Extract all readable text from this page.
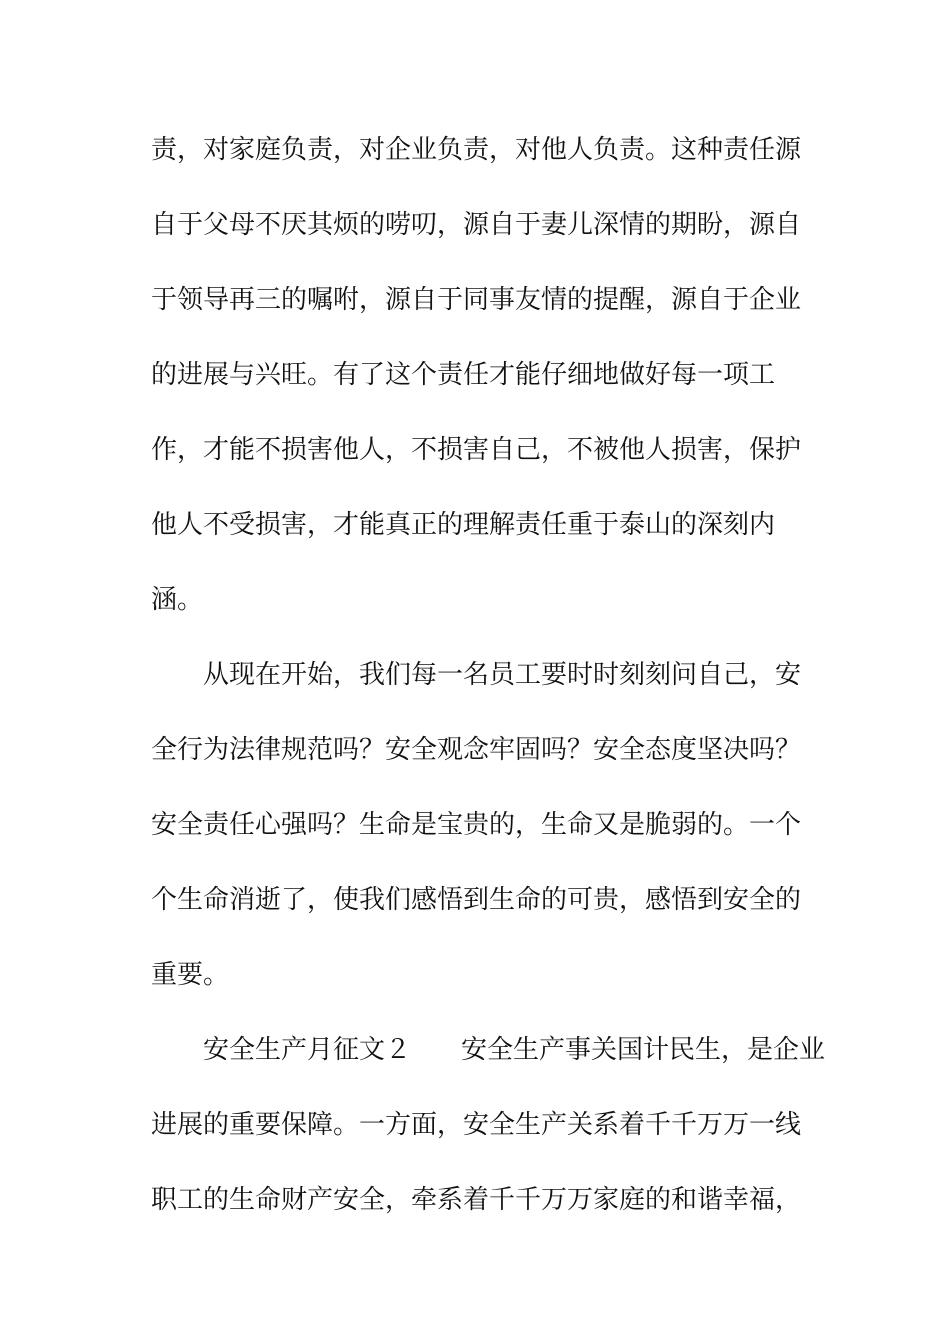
责，对家庭负责，对企业负责，对他人负责。这种责任源
自于父母不厌其烦的唠叨，源自于妻儿深情的期盼，源自
于领导再三的嘱咐，源自于同事友情的提醒，源自于企业
的进展与兴旺。有了这个责任才能仔细地做好每一项工
作，才能不损害他人，不损害自己，不被他人损害，保护
他人不受损害，才能真正的理解责任重于泰山的深刻内
涵。
从现在开始，我们每一名员工要时时刻刻问自己，安
全行为法律规范吗？安全观念牢固吗？安全态度坚决吗？
安全责任心强吗？生命是宝贵的，生命又是脆弱的。一个
个生命消逝了，使我们感悟到生命的可贵，感悟到安全的
重要。
安全生产月征文２ 安全生产事关国计民生，是企业
进展的重要保障。一方面，安全生产关系着千千万万一线
职工的生命财产安全，牵系着千千万万家庭的和谐幸福，
